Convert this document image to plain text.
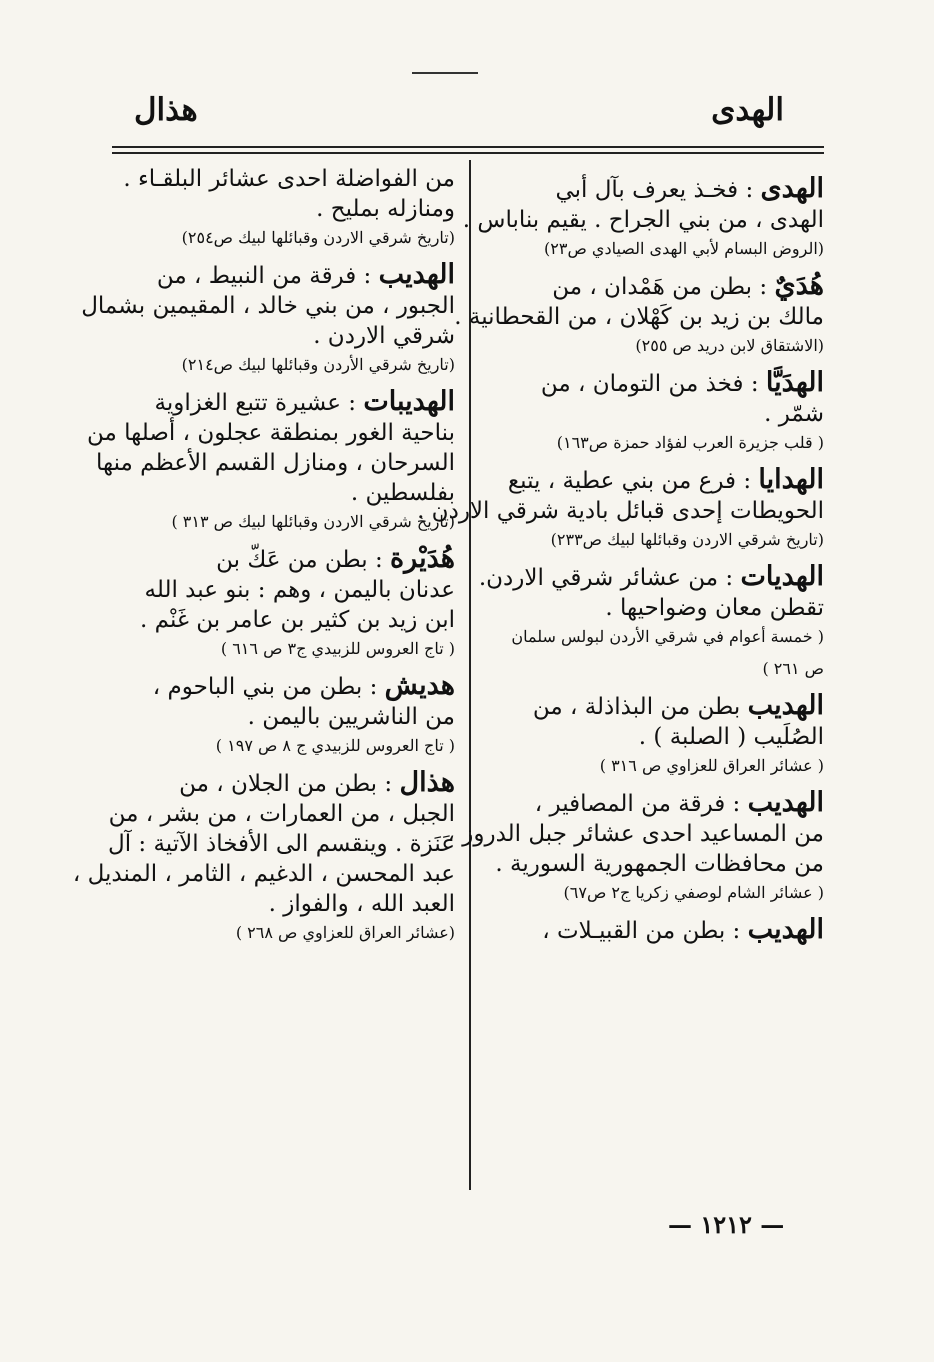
الهدى
هذال
الهدى : فخـذ يعرف بآل أبي
الهدى ، من بني الجراح . يقيم بناباس .
(الروض البسام لأبي الهدى الصيادي ص٢٣)
هُدَيٌ : بطن من هَمْدان ، من
مالك بن زيد بن كَهْلان ، من القحطانية .
(الاشتقاق لابن دريد ص ٢٥٥)
الهدَيَّا : فخذ من التومان ، من
شمّر .
( قلب جزيرة العرب لفؤاد حمزة ص١٦٣)
الهدايا : فرع من بني عطية ، يتبع
الحويطات إحدى قبائل بادية شرقي الاردن .
(تاريخ شرقي الاردن وقبائلها لبيك ص٢٣٣)
الهديات : من عشائر شرقي الاردن.
تقطن معان وضواحيها .
( خمسة أعوام في شرقي الأردن لبولس سلمان
ص ٢٦١ )
الهديب بطن من البذاذلة ، من
الصُلَيب ( الصلبة ) .
( عشائر العراق للعزاوي ص ٣١٦ )
الهديب : فرقة من المصافير ،
من المساعيد احدى عشائر جبل الدروز ،
من محافظات الجمهورية السورية .
( عشائر الشام لوصفي زكريا ج٢ ص٦٧)
الهديب : بطن من القبيـلات ،
من الفواضلة احدى عشائر البلقـاء .
ومنازله بمليح .
(تاريخ شرقي الاردن وقبائلها لبيك ص٢٥٤)
الهديب : فرقة من النبيط ، من
الجبور ، من بني خالد ، المقيمين بشمال
شرقي الاردن .
(تاريخ شرقي الأردن وقبائلها لبيك ص٢١٤)
الهديبات : عشيرة تتبع الغزاوية
بناحية الغور بمنطقة عجلون ، أصلها من
السرحان ، ومنازل القسم الأعظم منها
بفلسطين .
(تاريخ شرقي الاردن وقبائلها لبيك ص ٣١٣ )
هُدَيْرة : بطن من عَكّ بن
عدنان باليمن ، وهم : بنو عبد الله
ابن زيد بن كثير بن عامر بن غَنْم .
( تاج العروس للزبيدي ج٣ ص ٦١٦ )
هديش : بطن من بني الباحوم ،
من الناشريين باليمن .
( تاج العروس للزبيدي ج ٨ ص ١٩٧ )
هذال : بطن من الجلان ، من
الجبل ، من العمارات ، من بشر ، من
عَنَزة . وينقسم الى الأفخاذ الآتية : آل
عبد المحسن ، الدغيم ، الثامر ، المنديل ،
العبد الله ، والفواز .
(عشائر العراق للعزاوي ص ٢٦٨ )
— ١٢١٢ —
